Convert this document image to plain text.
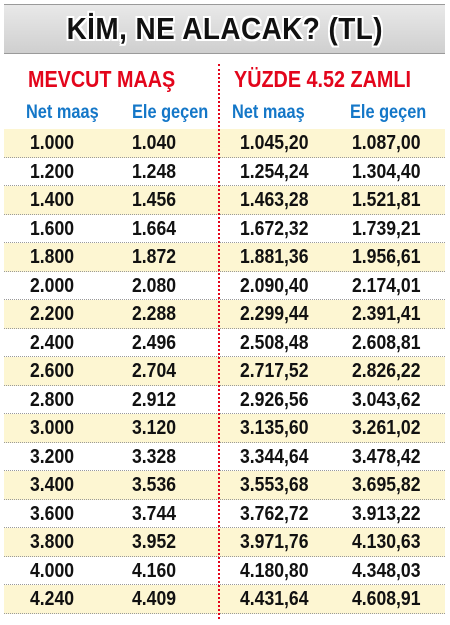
KİM, NE ALACAK? (TL)
MEVCUT MAAŞ	YÜZDE 4.52 ZAMLI
Net maaş Ele geçen Net maaş Ele geçen
1.000	1.040	1.045,20 1.087,00
1.200	1.248	1.254,24 1.304,40
1.400	1.456	1.463,28 1.521,81
1.600	1.664	1.672,32 1.739,21
1.800	1.872	1.881,36 1.956,61
2.000	2.080	2.090,40 2.174,01
2.200	2.288	2.299,44 2.391,41
2.400	2.496	2.508,48 2.608,81
2.600	2.704	2.717,52 2.826,22
2.800	2.912	2.926,56 3.043,62
3.000	3.120	3.135,60 3.261,02
3.200	3.328	3.344,64 3.478,42
3.400	3.536	3.553,68 3.695,82
3.600	3.744	3.762,72 3.913,22
3.800	3.952	3.971,76 4.130,63
4.000	4.160	4.180,80 4.348,03
4.240	4.409	4.431,64 4.608,91
